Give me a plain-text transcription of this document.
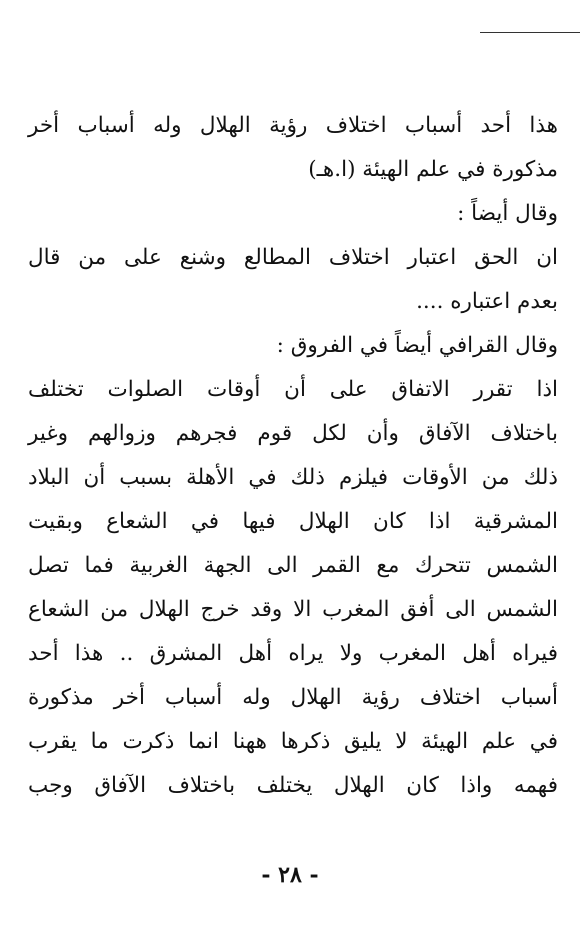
هذا أحد أسباب اختلاف رؤية الهلال وله أسباب أخر
مذكورة في علم الهيئة (ا.هـ)
وقال أيضاً :
ان الحق اعتبار اختلاف المطالع وشنع على من قال
بعدم اعتباره ....
وقال القرافي أيضاً في الفروق :
اذا تقرر الاتفاق على أن أوقات الصلوات تختلف
باختلاف الآفاق وأن لكل قوم فجرهم وزوالهم وغير
ذلك من الأوقات فيلزم ذلك في الأهلة بسبب أن البلاد
المشرقية اذا كان الهلال فيها في الشعاع وبقيت
الشمس تتحرك مع القمر الى الجهة الغربية فما تصل
الشمس الى أفق المغرب الا وقد خرج الهلال من الشعاع
فيراه أهل المغرب ولا يراه أهل المشرق .. هذا أحد
أسباب اختلاف رؤية الهلال وله أسباب أخر مذكورة
في علم الهيئة لا يليق ذكرها ههنا انما ذكرت ما يقرب
فهمه واذا كان الهلال يختلف باختلاف الآفاق وجب
- ٢٨ -
